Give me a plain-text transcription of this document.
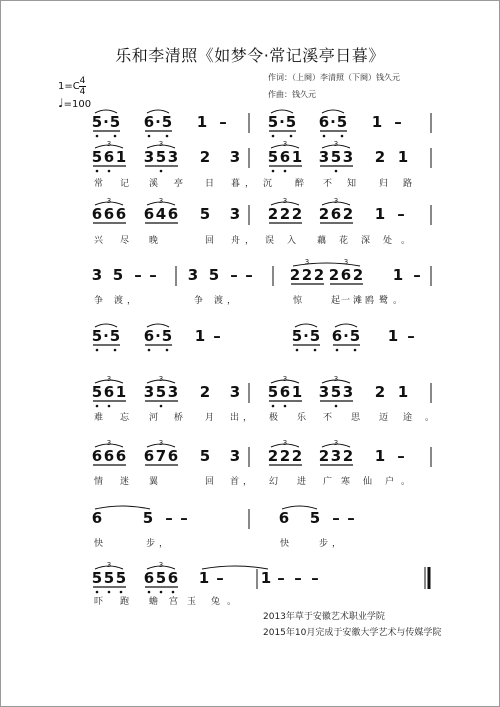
乐和李清照《如梦令·常记溪亭日暮》
作词：（上阕）李清照（下阕）钱久元
作曲：钱久元
1=C 4
4
♩=100
5 · 5 6 · 5 1 –	5 · 5 6 · 5 1 –
5 6 1 3 5 3 2 3 5 6 1 3 5 3 2 1
3	3	3	3
常 记 溪 亭 日 暮 ， 沉	醉 不 知	归 路
6 6 6 6 4 6 5 3 2 2 2 2 6 2 1 –
3	3	3	3
兴 尽 晚	回 舟 ， 误 入 藕 花 深 处 。
3 5 – – 3 5 – – 2 2 2 2 6 2 1 –
3	3
争 渡 ，	争 渡 ，	惊	起 一 滩 鸥 鹭 。
5 · 5 6 · 5 1 –	5 · 5 6 · 5 1 –
5 6 1 3 5 3 2 3 5 6 1 3 5 3 2 1
3	3	3	3
难 忘 河 桥 月 出 ， 极 乐 不 思 迈 途 。
6 6 6 6 7 6 5 3 2 2 2 2 3 2 1 –
3	3	3	3
情 迷 翼	回 首 ， 幻 进 广 寒 仙 户 。
6	5 – –	6 5 – –
快	步 ，	快	步 ，
5 5 5 6 5 6 1 – 1 – – –
3	3
吓 跑 蟾 宫 玉 兔 。
2013年草于安徽艺术职业学院
2015年10月完成于安徽大学艺术与传媒学院
